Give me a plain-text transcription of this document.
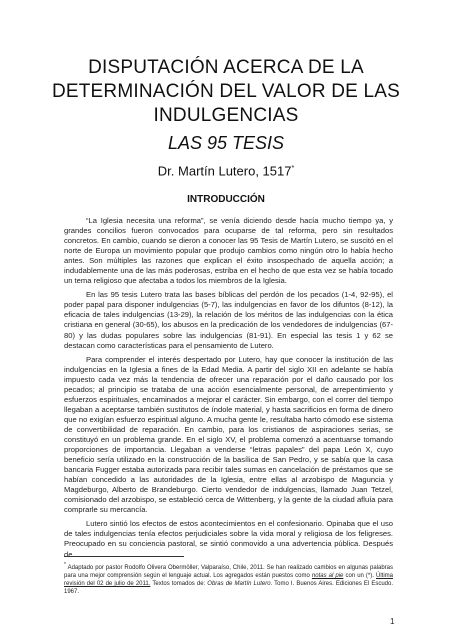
DISPUTACIÓN ACERCA DE LA
DETERMINACIÓN DEL VALOR DE LAS
INDULGENCIAS
LAS 95 TESIS
Dr. Martín Lutero, 1517*
INTRODUCCIÓN

“La Iglesia necesita una reforma”, se venía diciendo desde hacía mucho tiempo ya, y grandes concilios fueron convocados para ocuparse de tal reforma, pero sin resultados concretos. En cambio, cuando se dieron a conocer las 95 Tesis de Martín Lutero, se suscitó en el norte de Europa un movimiento popular que produjo cambios como ningún otro lo había hecho antes. Son múltiples las razones que explican el éxito insospechado de aquella acción; a indudablemente una de las más poderosas, estriba en el hecho de que esta vez se había tocado un tema religioso que afectaba a todos los miembros de la Iglesia.

En las 95 tesis Lutero trata las bases bíblicas del perdón de los pecados (1-4, 92-95), el poder papal para disponer indulgencias (5-7), las indulgencias en favor de los difuntos (8-12), la eficacia de tales indulgencias (13-29), la relación de los méritos de las indulgencias con la ética cristiana en general (30-65), los abusos en la predicación de los vendedores de indulgencias (67-80) y las dudas populares sobre las indulgencias (81-91). En especial las tesis 1 y 62 se destacan como características para el pensamiento de Lutero.

Para comprender el interés despertado por Lutero, hay que conocer la institución de las indulgencias en la Iglesia a fines de la Edad Media. A partir del siglo XII en adelante se había impuesto cada vez más la tendencia de ofrecer una reparación por el daño causado por los pecados; al principio se trataba de una acción esencialmente personal, de arrepentimiento y esfuerzos espirituales, encaminados a mejorar el carácter. Sin embargo, con el correr del tiempo llegaban a aceptarse también sustitutos de índole material, y hasta sacrificios en forma de dinero que no exigían esfuerzo espiritual alguno. A mucha gente le, resultaba harto cómodo ese sistema de convertibilidad de reparación. En cambio, para los cristianos de aspiraciones serias, se constituyó en un problema grande. En el siglo XV, el problema comenzó a acentuarse tomando proporciones de importancia. Llegaban a venderse “letras papales” del papa León X, cuyo beneficio sería utilizado en la construcción de la basílica de San Pedro, y se sabía que la casa bancaria Fugger estaba autorizada para recibir tales sumas en cancelación de préstamos que se habían concedido a las autoridades de la Iglesia, entre ellas al arzobispo de Maguncia y Magdeburgo, Alberto de Brandeburgo. Cierto vendedor de indulgencias, llamado Juan Tetzel, comisionado del arzobispo, se estableció cerca de Wittenberg, y la gente de la ciudad afluía para comprarle su mercancía.

Lutero sintió los efectos de estos acontecimientos en el confesionario. Opinaba que el uso de tales indulgencias tenía efectos perjudiciales sobre la vida moral y religiosa de los feligreses. Preocupado en su conciencia pastoral, se sintió conmovido a una advertencia pública. Después de

* Adaptado por pastor Rodolfo Olivera Obermöller, Valparaíso, Chile, 2011. Se han realizado cambios en algunas palabras para una mejor comprensión según el lenguaje actual. Los agregados están puestos como notas al pie con un (*). Última revisión del 02 de julio de 2011. Textos tomados de: Obras de Martín Lutero. Tomo I. Buenos Aires. Ediciones El Escudo. 1967.
1
